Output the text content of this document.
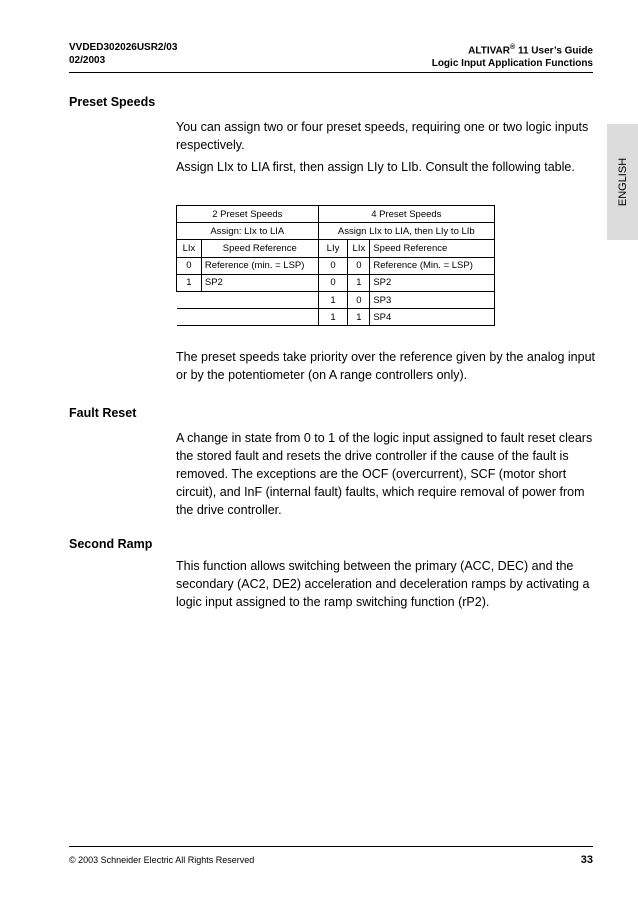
VVDED302026USR2/03
02/2003
ALTIVAR® 11 User’s Guide
Logic Input Application Functions
ENGLISH
Preset Speeds
You can assign two or four preset speeds, requiring one or two logic inputs respectively.
Assign LIx to LIA first, then assign LIy to LIb. Consult the following table.
2 Preset Speeds		4 Preset Speeds		
Assign: LIx to LIA		Assign LIx to LIA, then LIy to LIb		
LIx	Speed Reference	LIy	LIx	Speed Reference
0	Reference (min. = LSP)	0	0	Reference (Min. = LSP)
1	SP2	0	1	SP2
		1	0	SP3
		1	1	SP4
The preset speeds take priority over the reference given by the analog input or by the potentiometer (on A range controllers only).
Fault Reset
A change in state from 0 to 1 of the logic input assigned to fault reset clears the stored fault and resets the drive controller if the cause of the fault is removed. The exceptions are the OCF (overcurrent), SCF (motor short circuit), and InF (internal fault) faults, which require removal of power from the drive controller.
Second Ramp
This function allows switching between the primary (ACC, DEC) and the secondary (AC2, DE2) acceleration and deceleration ramps by activating a logic input assigned to the ramp switching function (rP2).
© 2003 Schneider Electric All Rights Reserved	33
